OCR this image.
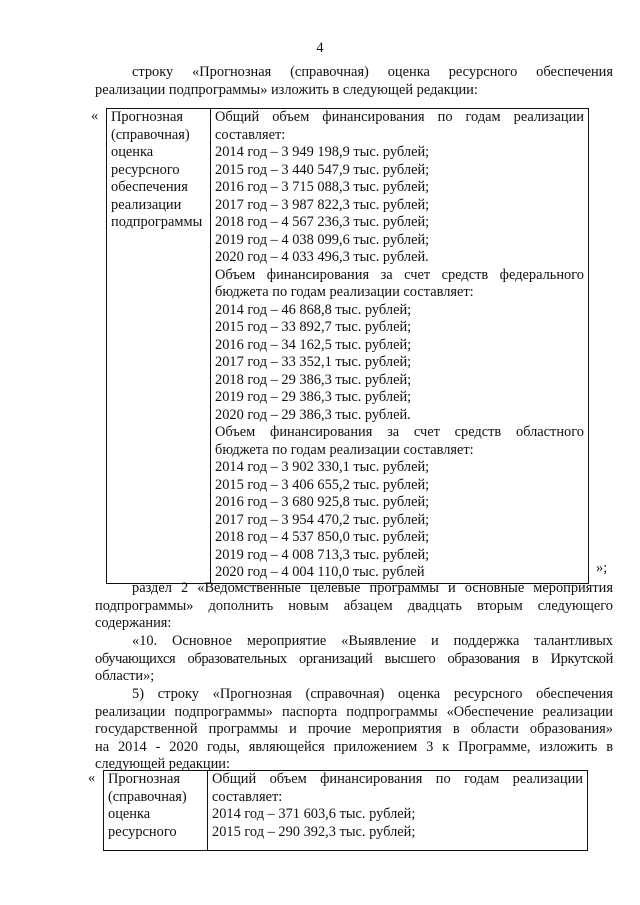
4
строку «Прогнозная (справочная) оценка ресурсного обеспечения
реализации подпрограммы» изложить в следующей редакции:
« Прогнозная
(справочная)
оценка
ресурсного
обеспечения
реализации
подпрограммы

Общий объем финансирования по годам реализации
составляет:
2014 год – 3 949 198,9 тыс. рублей;
2015 год – 3 440 547,9 тыс. рублей;
2016 год – 3 715 088,3 тыс. рублей;
2017 год – 3 987 822,3 тыс. рублей;
2018 год – 4 567 236,3 тыс. рублей;
2019 год – 4 038 099,6 тыс. рублей;
2020 год – 4 033 496,3 тыс. рублей.
Объем финансирования за счет средств федерального
бюджета по годам реализации составляет:
2014 год – 46 868,8 тыс. рублей;
2015 год – 33 892,7 тыс. рублей;
2016 год – 34 162,5 тыс. рублей;
2017 год – 33 352,1 тыс. рублей;
2018 год – 29 386,3 тыс. рублей;
2019 год – 29 386,3 тыс. рублей;
2020 год – 29 386,3 тыс. рублей.
Объем финансирования за счет средств областного
бюджета по годам реализации составляет:
2014 год – 3 902 330,1 тыс. рублей;
2015 год – 3 406 655,2 тыс. рублей;
2016 год – 3 680 925,8 тыс. рублей;
2017 год – 3 954 470,2 тыс. рублей;
2018 год – 4 537 850,0 тыс. рублей;
2019 год – 4 008 713,3 тыс. рублей;
2020 год – 4 004 110,0 тыс. рублей	»;
раздел 2 «Ведомственные целевые программы и основные мероприятия
подпрограммы» дополнить новым абзацем двадцать вторым следующего
содержания:
«10. Основное мероприятие «Выявление и поддержка талантливых
обучающихся образовательных организаций высшего образования в Иркутской
области»;
5) строку «Прогнозная (справочная) оценка ресурсного обеспечения
реализации подпрограммы» паспорта подпрограммы «Обеспечение реализации
государственной программы и прочие мероприятия в области образования»
на 2014 - 2020 годы, являющейся приложением 3 к Программе, изложить в
следующей редакции:
« Прогнозная
(справочная)
оценка
ресурсного

Общий объем финансирования по годам реализации
составляет:
2014 год – 371 603,6 тыс. рублей;
2015 год – 290 392,3 тыс. рублей;
